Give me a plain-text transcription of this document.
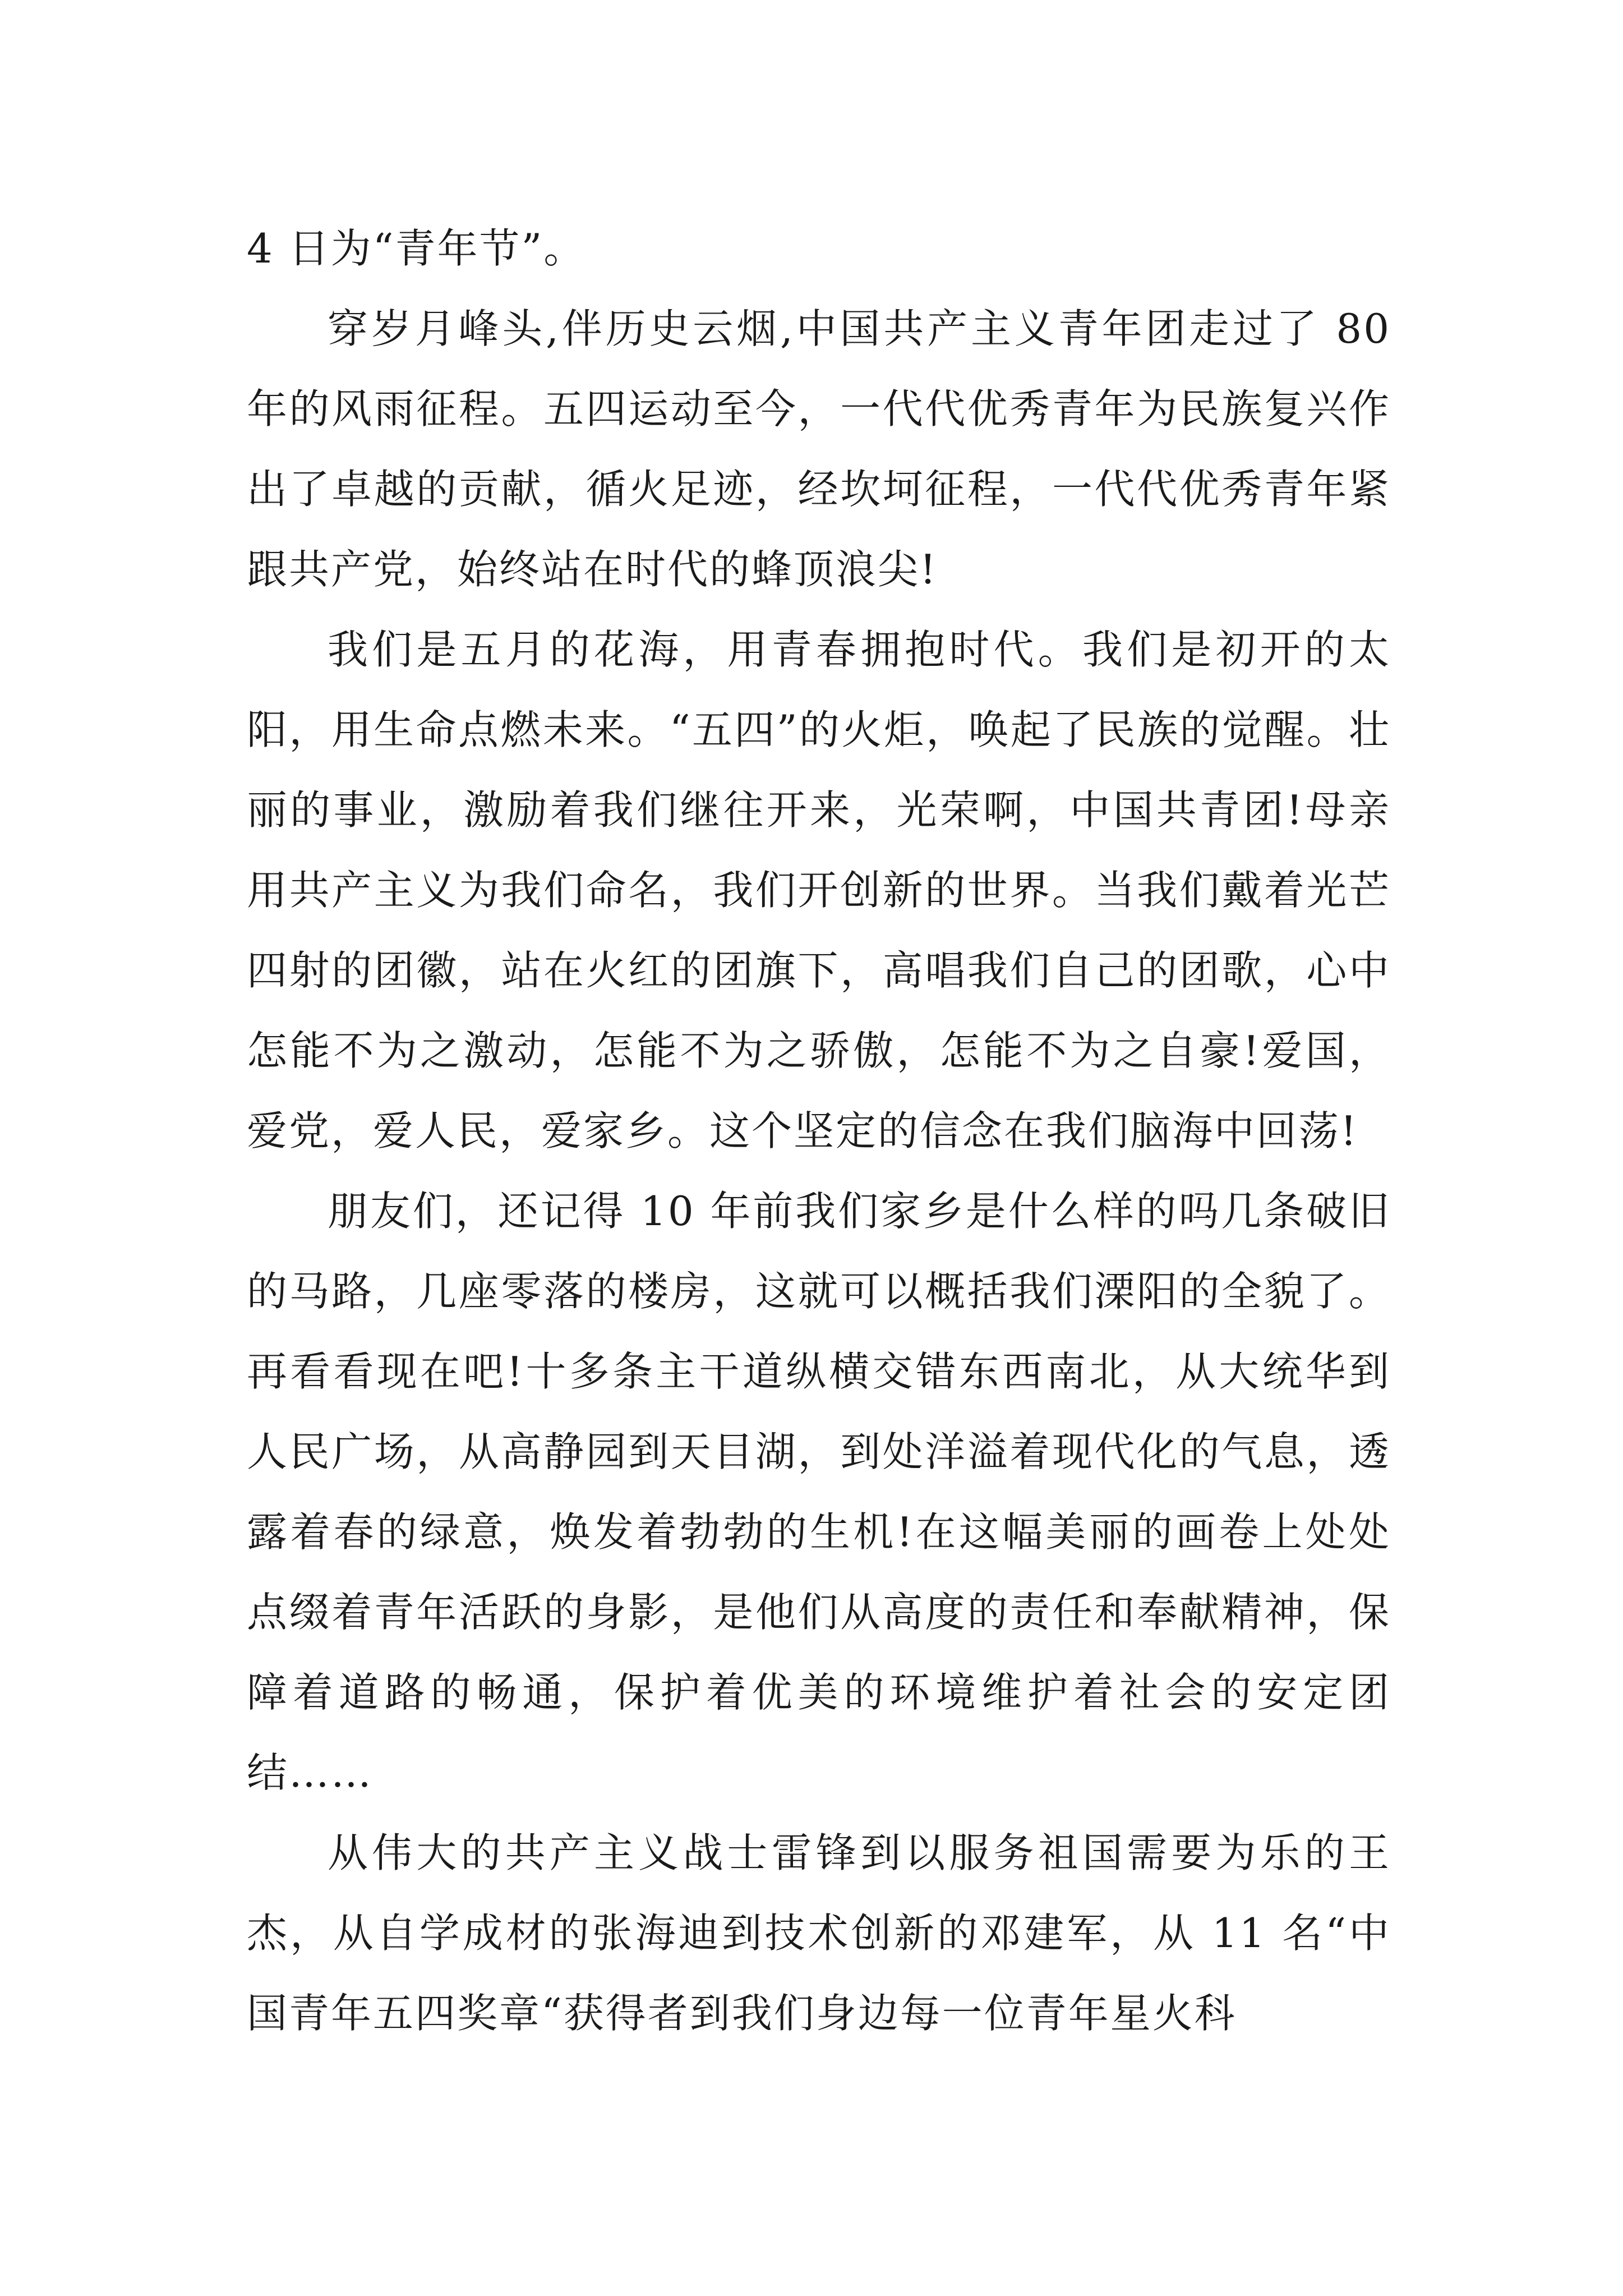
4 日为“青年节”。

穿岁月峰头,伴历史云烟,中国共产主义青年团走过了 80 年的风雨征程。五四运动至今，一代代优秀青年为民族复兴作出了卓越的贡献，循火足迹，经坎坷征程，一代代优秀青年紧跟共产党，始终站在时代的蜂顶浪尖!

我们是五月的花海，用青春拥抱时代。我们是初开的太阳，用生命点燃未来。“五四”的火炬，唤起了民族的觉醒。壮丽的事业，激励着我们继往开来，光荣啊，中国共青团!母亲用共产主义为我们命名，我们开创新的世界。当我们戴着光芒四射的团徽，站在火红的团旗下，高唱我们自己的团歌，心中怎能不为之激动，怎能不为之骄傲，怎能不为之自豪!爱国，爱党，爱人民，爱家乡。这个坚定的信念在我们脑海中回荡!

朋友们，还记得 10 年前我们家乡是什么样的吗几条破旧的马路，几座零落的楼房，这就可以概括我们溧阳的全貌了。再看看现在吧!十多条主干道纵横交错东西南北，从大统华到人民广场，从高静园到天目湖，到处洋溢着现代化的气息，透露着春的绿意，焕发着勃勃的生机!在这幅美丽的画卷上处处点缀着青年活跃的身影，是他们从高度的责任和奉献精神，保障着道路的畅通，保护着优美的环境维护着社会的安定团结……

从伟大的共产主义战士雷锋到以服务祖国需要为乐的王杰，从自学成材的张海迪到技术创新的邓建军，从 11 名“中国青年五四奖章“获得者到我们身边每一位青年星火科
